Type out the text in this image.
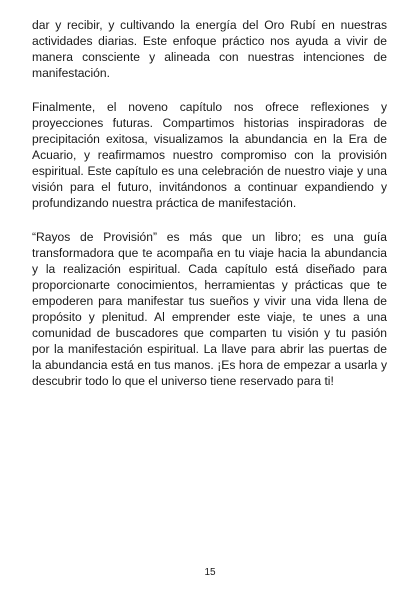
dar y recibir, y cultivando la energía del Oro Rubí en nuestras actividades diarias. Este enfoque práctico nos ayuda a vivir de manera consciente y alineada con nuestras intenciones de manifestación.

Finalmente, el noveno capítulo nos ofrece reflexiones y proyecciones futuras. Compartimos historias inspiradoras de precipitación exitosa, visualizamos la abundancia en la Era de Acuario, y reafirmamos nuestro compromiso con la provisión espiritual. Este capítulo es una celebración de nuestro viaje y una visión para el futuro, invitándonos a continuar expandiendo y profundizando nuestra práctica de manifestación.

“Rayos de Provisión” es más que un libro; es una guía transformadora que te acompaña en tu viaje hacia la abundancia y la realización espiritual. Cada capítulo está diseñado para proporcionarte conocimientos, herramientas y prácticas que te empoderen para manifestar tus sueños y vivir una vida llena de propósito y plenitud. Al emprender este viaje, te unes a una comunidad de buscadores que comparten tu visión y tu pasión por la manifestación espiritual. La llave para abrir las puertas de la abundancia está en tus manos. ¡Es hora de empezar a usarla y descubrir todo lo que el universo tiene reservado para ti!

15
